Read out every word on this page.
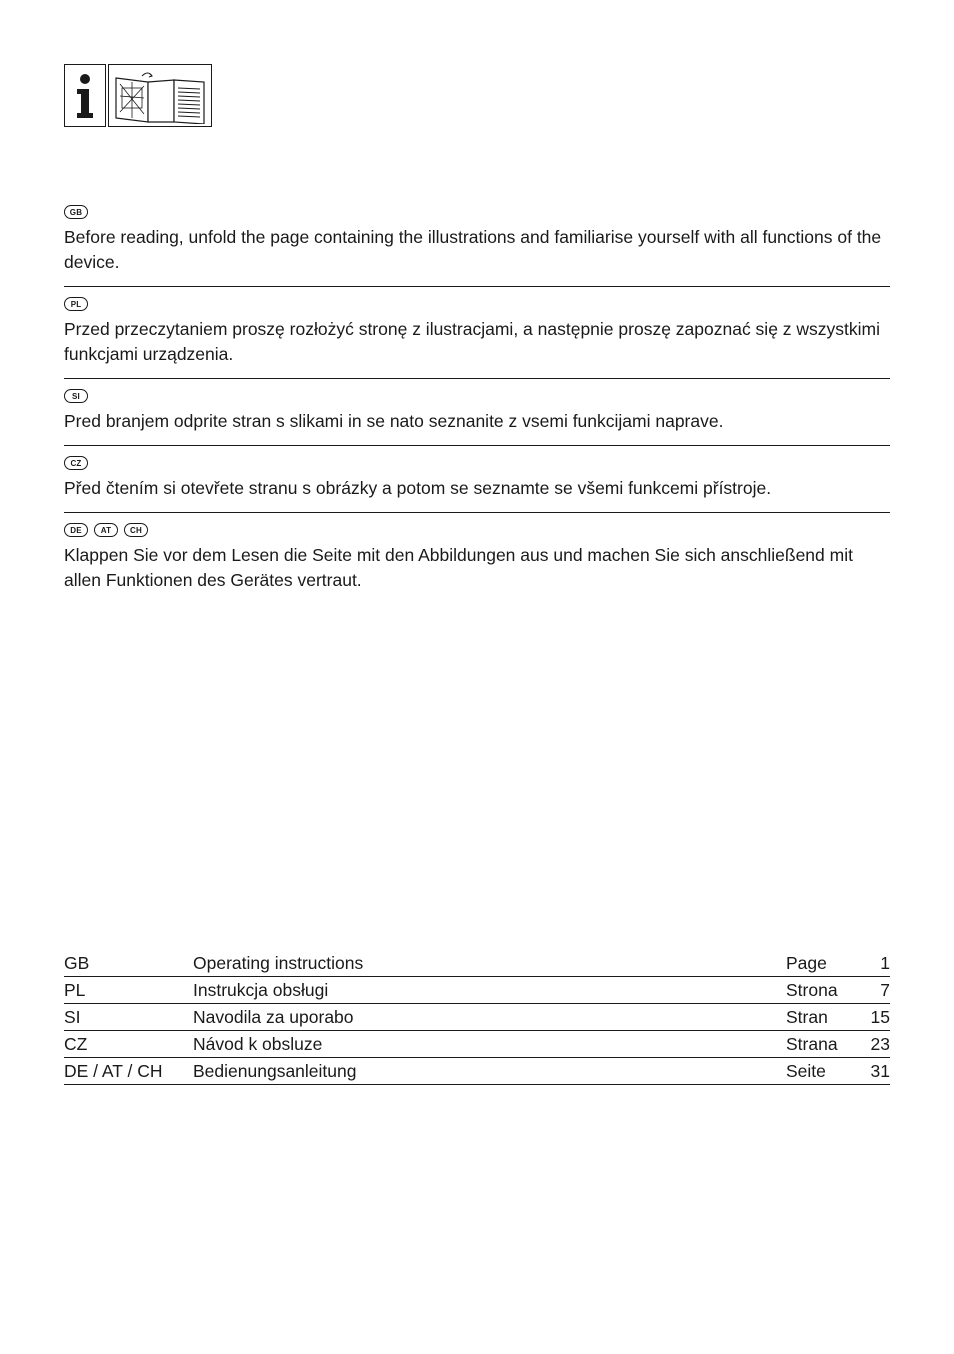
GB

Before reading, unfold the page containing the illustrations and familiarise yourself with all functions of the device.

PL

Przed przeczytaniem proszę rozłożyć stronę z ilustracjami, a następnie proszę zapoznać się z wszystkimi funkcjami urządzenia.

SI

Pred branjem odprite stran s slikami in se nato seznanite z vsemi funkcijami naprave.

CZ

Před čtením si otevřete stranu s obrázky a potom se seznamte se všemi funkcemi přístroje.

DE	AT	CH

Klappen Sie vor dem Lesen die Seite mit den Abbildungen aus und machen Sie sich anschließend mit allen Funktionen des Gerätes vertraut.

GB	Operating instructions	Page	1
PL	Instrukcja obsługi	Strona	7
SI	Navodila za uporabo	Stran	15
CZ	Návod k obsluze	Strana	23
DE / AT / CH	Bedienungsanleitung	Seite	31
